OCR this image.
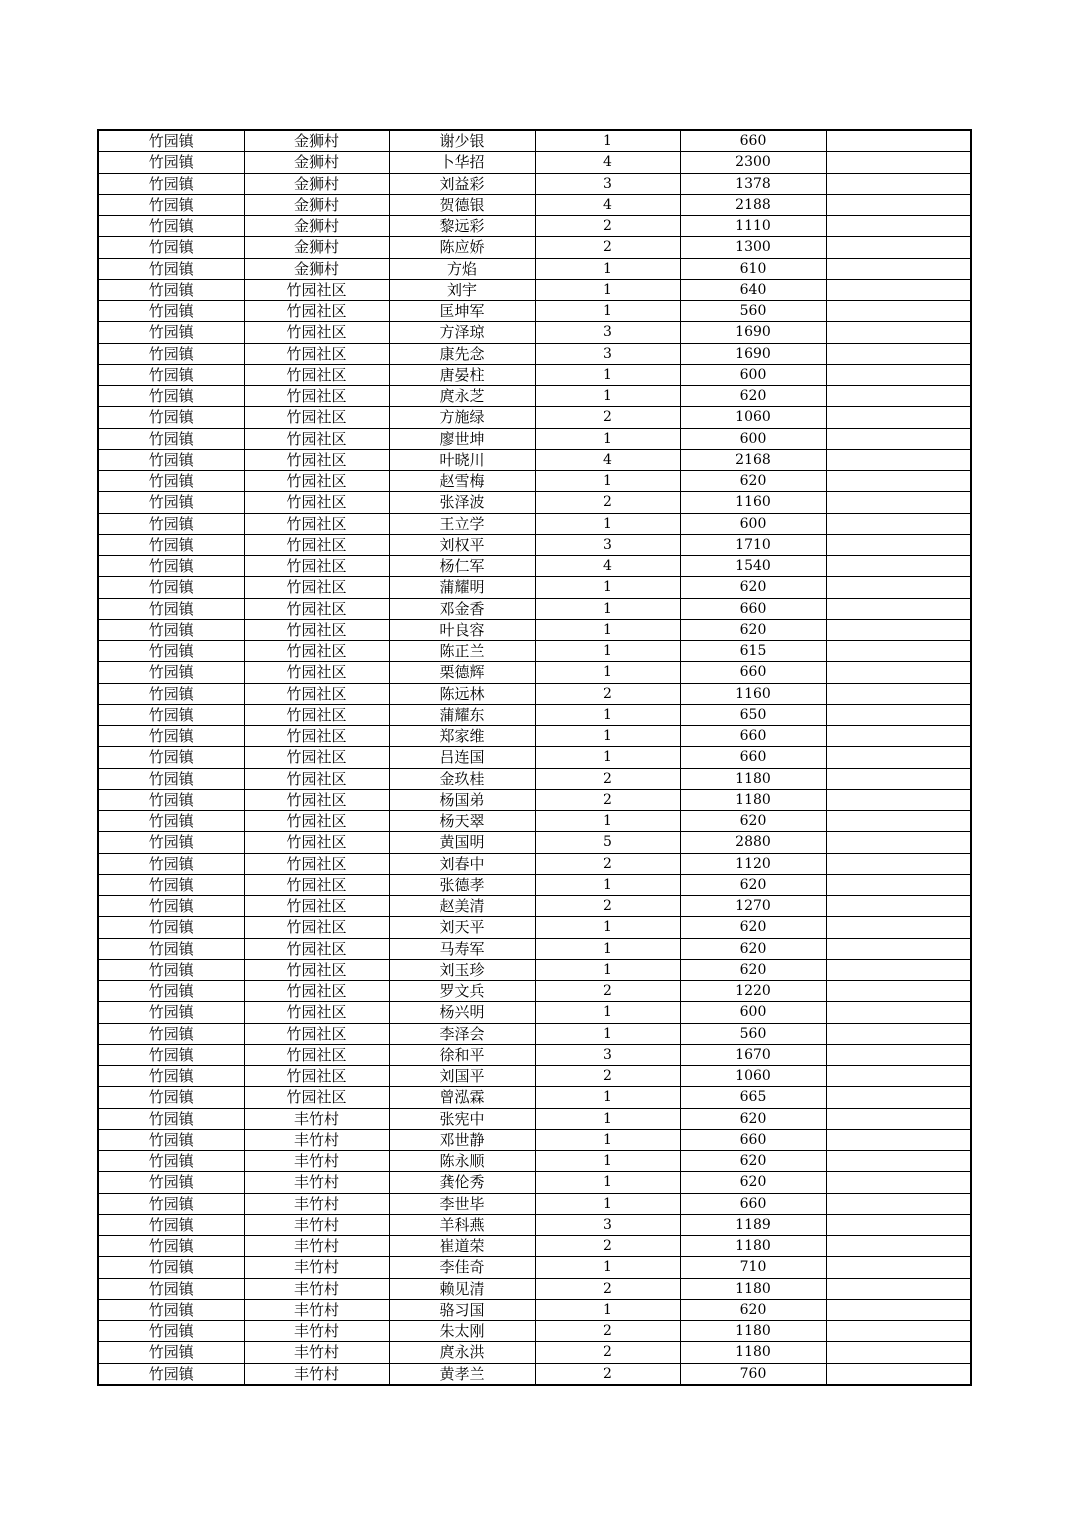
竹园镇	金狮村	谢少银	1	660	
竹园镇	金狮村	卜华招	4	2300	
竹园镇	金狮村	刘益彩	3	1378	
竹园镇	金狮村	贺德银	4	2188	
竹园镇	金狮村	黎远彩	2	1110	
竹园镇	金狮村	陈应娇	2	1300	
竹园镇	金狮村	方焰	1	610	
竹园镇	竹园社区	刘宇	1	640	
竹园镇	竹园社区	匡坤军	1	560	
竹园镇	竹园社区	方泽琼	3	1690	
竹园镇	竹园社区	康先念	3	1690	
竹园镇	竹园社区	唐晏柱	1	600	
竹园镇	竹园社区	庹永芝	1	620	
竹园镇	竹园社区	方施绿	2	1060	
竹园镇	竹园社区	廖世坤	1	600	
竹园镇	竹园社区	叶晓川	4	2168	
竹园镇	竹园社区	赵雪梅	1	620	
竹园镇	竹园社区	张泽波	2	1160	
竹园镇	竹园社区	王立学	1	600	
竹园镇	竹园社区	刘权平	3	1710	
竹园镇	竹园社区	杨仁军	4	1540	
竹园镇	竹园社区	蒲耀明	1	620	
竹园镇	竹园社区	邓金香	1	660	
竹园镇	竹园社区	叶良容	1	620	
竹园镇	竹园社区	陈正兰	1	615	
竹园镇	竹园社区	栗德辉	1	660	
竹园镇	竹园社区	陈远林	2	1160	
竹园镇	竹园社区	蒲耀东	1	650	
竹园镇	竹园社区	郑家维	1	660	
竹园镇	竹园社区	吕连国	1	660	
竹园镇	竹园社区	金玖桂	2	1180	
竹园镇	竹园社区	杨国弟	2	1180	
竹园镇	竹园社区	杨天翠	1	620	
竹园镇	竹园社区	黄国明	5	2880	
竹园镇	竹园社区	刘春中	2	1120	
竹园镇	竹园社区	张德孝	1	620	
竹园镇	竹园社区	赵美清	2	1270	
竹园镇	竹园社区	刘天平	1	620	
竹园镇	竹园社区	马寿军	1	620	
竹园镇	竹园社区	刘玉珍	1	620	
竹园镇	竹园社区	罗文兵	2	1220	
竹园镇	竹园社区	杨兴明	1	600	
竹园镇	竹园社区	李泽会	1	560	
竹园镇	竹园社区	徐和平	3	1670	
竹园镇	竹园社区	刘国平	2	1060	
竹园镇	竹园社区	曾泓霖	1	665	
竹园镇	丰竹村	张宪中	1	620	
竹园镇	丰竹村	邓世静	1	660	
竹园镇	丰竹村	陈永顺	1	620	
竹园镇	丰竹村	龚伦秀	1	620	
竹园镇	丰竹村	李世毕	1	660	
竹园镇	丰竹村	羊科燕	3	1189	
竹园镇	丰竹村	崔道荣	2	1180	
竹园镇	丰竹村	李佳奇	1	710	
竹园镇	丰竹村	赖见清	2	1180	
竹园镇	丰竹村	骆习国	1	620	
竹园镇	丰竹村	朱太刚	2	1180	
竹园镇	丰竹村	庹永洪	2	1180	
竹园镇	丰竹村	黄孝兰	2	760	
